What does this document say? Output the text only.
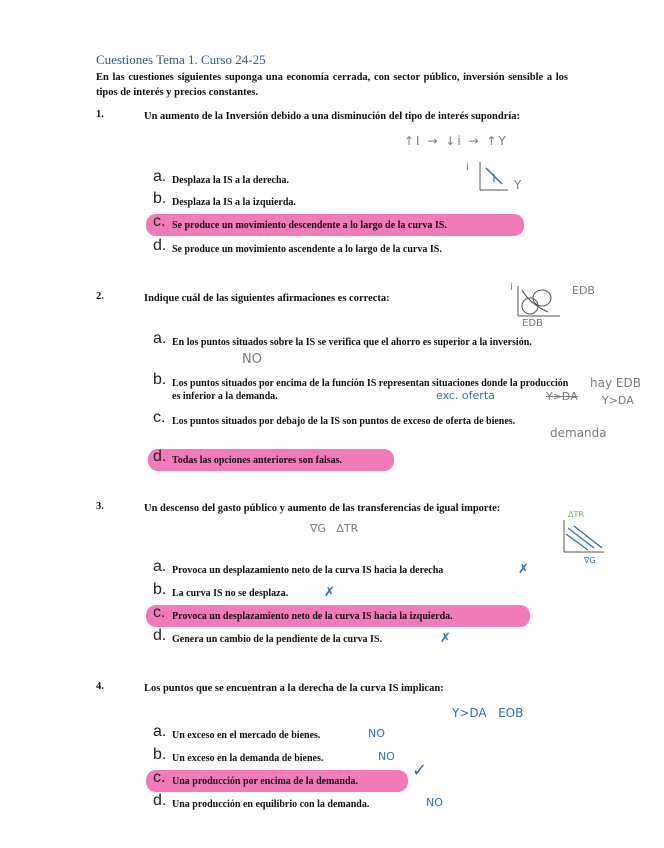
Cuestiones Tema 1. Curso 24-25
En las cuestiones siguientes suponga una economía cerrada, con sector público, inversión sensible a los tipos de interés y precios constantes.
1.	Un aumento de la Inversión debido a una disminución del tipo de interés supondría:
↑I → ↓i → ↑Y
i
Y
a. Desplaza la IS a la derecha.
b. Desplaza la IS a la izquierda.
c. Se produce un movimiento descendente a lo largo de la curva IS.
d. Se produce un movimiento ascendente a lo largo de la curva IS.
2.	Indique cuál de las siguientes afirmaciones es correcta:
i	EDB
EDB
a. En los puntos situados sobre la IS se verifica que el ahorro es superior a la inversión.
NO
b. Los puntos situados por encima de la función IS representan situaciones donde la producción es inferior a la demanda.	exc. oferta	Y>DA
hay EDB
Y>DA
c. Los puntos situados por debajo de la IS son puntos de exceso de oferta de bienes.
demanda
d. Todas las opciones anteriores son falsas.
3.	Un descenso del gasto público y aumento de las transferencias de igual importe:
∇G   ΔTR
ΔTR
∇G
a. Provoca un desplazamiento neto de la curva IS hacia la derecha	✗
b. La curva IS no se desplaza.	✗
c. Provoca un desplazamiento neto de la curva IS hacia la izquierda.
d. Genera un cambio de la pendiente de la curva IS.	✗
4.	Los puntos que se encuentran a la derecha de la curva IS implican:
Y>DA   EOB
a. Un exceso en el mercado de bienes.	NO
b. Un exceso en la demanda de bienes.	NO
c. Una producción por encima de la demanda.
✓
d. Una producción en equilibrio con la demanda.	NO
